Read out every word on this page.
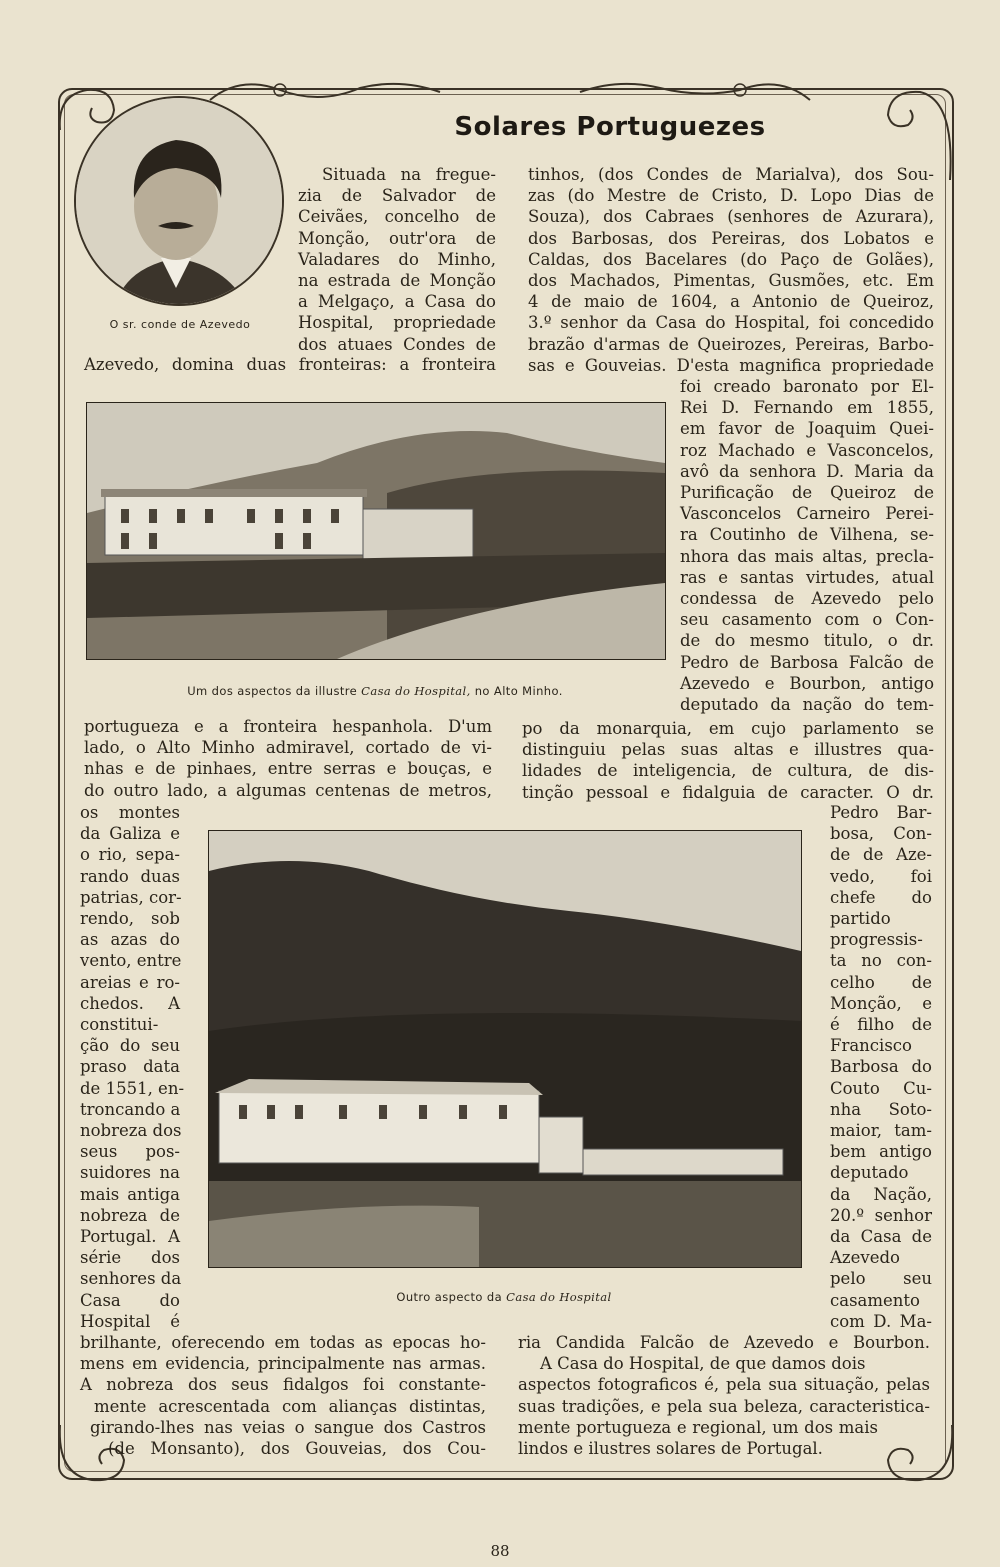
Solares Portuguezes
O sr. conde de Azevedo
Situada na fregue-
zia de Salvador de
Ceivães, concelho de
Monção, outr'ora de
Valadares do Minho,
na estrada de Monção
a Melgaço, a Casa do
Hospital, propriedade
dos atuaes Condes de
Azevedo, domina duas fronteiras: a fronteira
tinhos, (dos Condes de Marialva), dos Sou-
zas (do Mestre de Cristo, D. Lopo Dias de
Souza), dos Cabraes (senhores de Azurara),
dos Barbosas, dos Pereiras, dos Lobatos e
Caldas, dos Bacelares (do Paço de Golães),
dos Machados, Pimentas, Gusmões, etc. Em
4 de maio de 1604, a Antonio de Queiroz,
3.º senhor da Casa do Hospital, foi concedido
brazão d'armas de Queirozes, Pereiras, Barbo-
sas e Gouveias. D'esta magnifica propriedade
Um dos aspectos da illustre Casa do Hospital, no Alto Minho.
foi creado baronato por El-
Rei D. Fernando em 1855,
em favor de Joaquim Quei-
roz Machado e Vasconcelos,
avô da senhora D. Maria da
Purificação de Queiroz de
Vasconcelos Carneiro Perei-
ra Coutinho de Vilhena, se-
nhora das mais altas, precla-
ras e santas virtudes, atual
condessa de Azevedo pelo
seu casamento com o Con-
de do mesmo titulo, o dr.
Pedro de Barbosa Falcão de
Azevedo e Bourbon, antigo
deputado da nação do tem-
portugueza e a fronteira hespanhola. D'um
lado, o Alto Minho admiravel, cortado de vi-
nhas e de pinhaes, entre serras e bouças, e
do outro lado, a algumas centenas de metros,
po da monarquia, em cujo parlamento se
distinguiu pelas suas altas e illustres qua-
lidades de inteligencia, de cultura, de dis-
tinção pessoal e fidalguia de caracter. O dr.
os montes
da Galiza e
o rio, sepa-
rando duas
patrias, cor-
rendo, sob
as azas do
vento, entre
areias e ro-
chedos. A
constitui-
ção do seu
praso data
de 1551, en-
troncando a
nobreza dos
seus pos-
suidores na
mais antiga
nobreza de
Portugal. A
série dos
senhores da
Casa do
Hospital é
Outro aspecto da Casa do Hospital
Pedro Bar-
bosa, Con-
de de Aze-
vedo, foi
chefe do
partido
progressis-
ta no con-
celho de
Monção, e
é filho de
Francisco
Barbosa do
Couto Cu-
nha Soto-
maior, tam-
bem antigo
deputado
da Nação,
20.º senhor
da Casa de
Azevedo
pelo seu
casamento
com D. Ma-
brilhante, oferecendo em todas as epocas ho-
mens em evidencia, principalmente nas armas.
A nobreza dos seus fidalgos foi constante-
mente acrescentada com alianças distintas,
girando-lhes nas veias o sangue dos Castros
(de Monsanto), dos Gouveias, dos Cou-
ria Candida Falcão de Azevedo e Bourbon.
A Casa do Hospital, de que damos dois
aspectos fotograficos é, pela sua situação, pelas
suas tradições, e pela sua beleza, caracteristica-
mente portugueza e regional, um dos mais
lindos e ilustres solares de Portugal.
88
